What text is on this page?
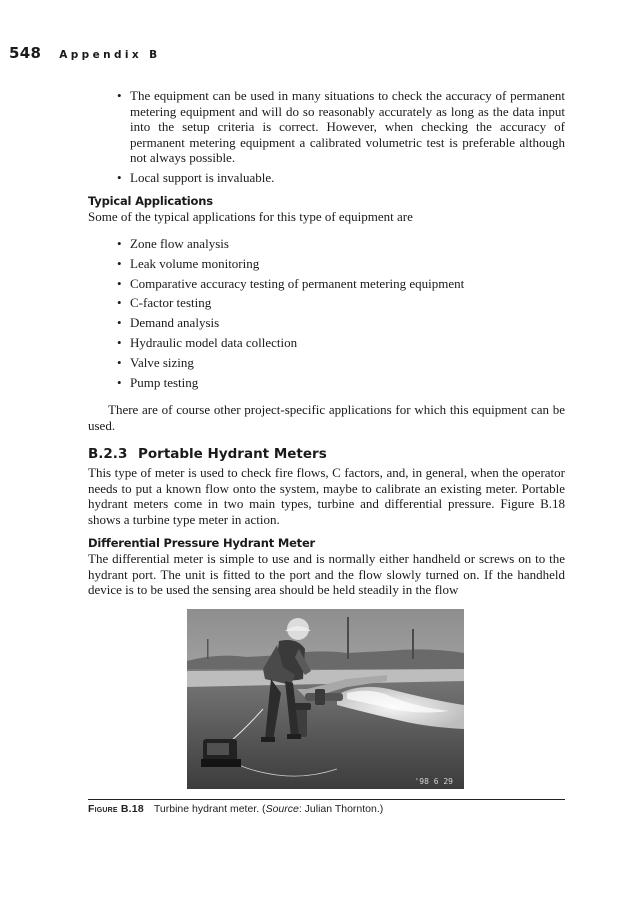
548 Appendix B
• The equipment can be used in many situations to check the accuracy of permanent metering equipment and will do so reasonably accurately as long as the data input into the setup criteria is correct. However, when checking the accuracy of permanent metering equipment a calibrated volumetric test is preferable although not always possible.
• Local support is invaluable.
Typical Applications
Some of the typical applications for this type of equipment are
• Zone flow analysis
• Leak volume monitoring
• Comparative accuracy testing of permanent metering equipment
• C-factor testing
• Demand analysis
• Hydraulic model data collection
• Valve sizing
• Pump testing
There are of course other project-specific applications for which this equipment can be used.
B.2.3 Portable Hydrant Meters
This type of meter is used to check fire flows, C factors, and, in general, when the operator needs to put a known flow onto the system, maybe to calibrate an existing meter. Portable hydrant meters come in two main types, turbine and differential pressure. Figure B.18 shows a turbine type meter in action.
Differential Pressure Hydrant Meter
The differential meter is simple to use and is normally either handheld or screws on to the hydrant port. The unit is fitted to the port and the flow slowly turned on. If the handheld device is to be used the sensing area should be held steadily in the flow
'98 6 29
Figure B.18 Turbine hydrant meter. (Source: Julian Thornton.)
